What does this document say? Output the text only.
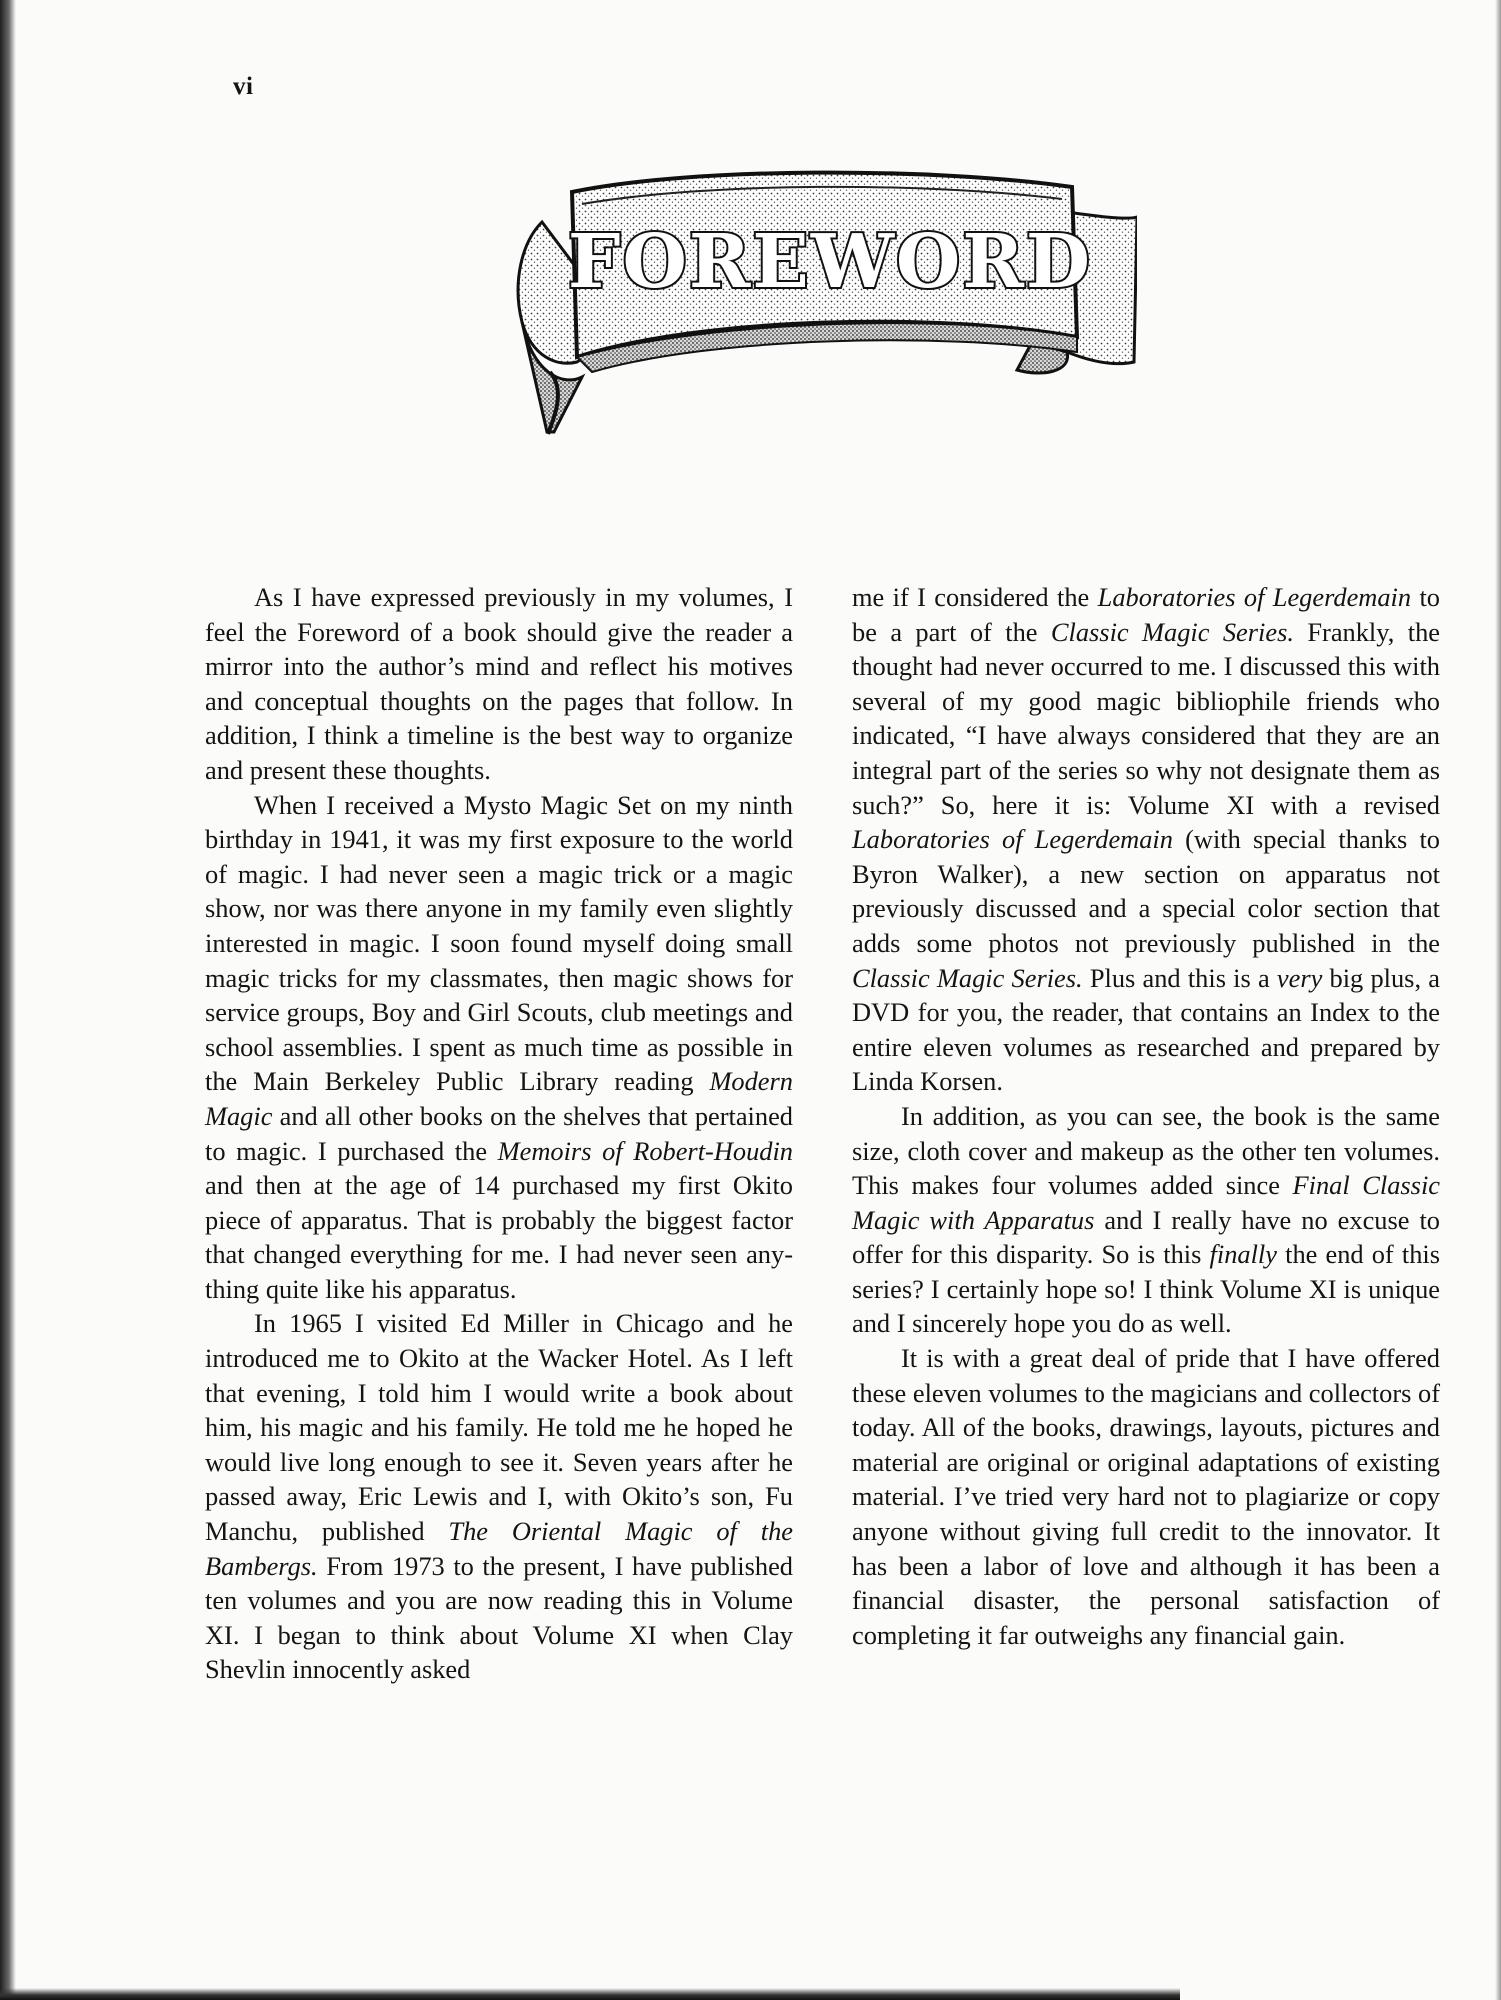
vi
FOREWORD

As I have expressed previously in my volumes, I feel the Foreword of a book should give the reader a mirror into the author’s mind and reflect his motives and conceptual thoughts on the pages that follow. In addition, I think a timeline is the best way to organize and present these thoughts.

When I received a Mysto Magic Set on my ninth birthday in 1941, it was my first exposure to the world of magic. I had never seen a magic trick or a magic show, nor was there anyone in my family even slightly interested in magic. I soon found myself doing small magic tricks for my classmates, then magic shows for service groups, Boy and Girl Scouts, club meetings and school assemblies. I spent as much time as possible in the Main Berkeley Public Library reading Modern Magic and all other books on the shelves that pertained to magic. I purchased the Memoirs of Robert-Houdin and then at the age of 14 purchased my first Okito piece of apparatus. That is probably the biggest factor that changed everything for me. I had never seen anything quite like his apparatus.

In 1965 I visited Ed Miller in Chicago and he introduced me to Okito at the Wacker Hotel. As I left that evening, I told him I would write a book about him, his magic and his family. He told me he hoped he would live long enough to see it. Seven years after he passed away, Eric Lewis and I, with Okito’s son, Fu Manchu, published The Oriental Magic of the Bambergs. From 1973 to the present, I have published ten volumes and you are now reading this in Volume XI. I began to think about Volume XI when Clay Shevlin innocently asked

me if I considered the Laboratories of Legerdemain to be a part of the Classic Magic Series. Frankly, the thought had never occurred to me. I discussed this with several of my good magic bibliophile friends who indicated, “I have always considered that they are an integral part of the series so why not designate them as such?” So, here it is: Volume XI with a revised Laboratories of Legerdemain (with special thanks to Byron Walker), a new section on apparatus not previously discussed and a special color section that adds some photos not previously published in the Classic Magic Series. Plus and this is a very big plus, a DVD for you, the reader, that contains an Index to the entire eleven volumes as researched and prepared by Linda Korsen.

In addition, as you can see, the book is the same size, cloth cover and makeup as the other ten volumes. This makes four volumes added since Final Classic Magic with Apparatus and I really have no excuse to offer for this disparity. So is this finally the end of this series? I certainly hope so! I think Volume XI is unique and I sincerely hope you do as well.

It is with a great deal of pride that I have offered these eleven volumes to the magicians and collectors of today. All of the books, drawings, layouts, pictures and material are original or original adaptations of existing material. I’ve tried very hard not to plagiarize or copy anyone without giving full credit to the innovator. It has been a labor of love and although it has been a financial disaster, the personal satisfaction of completing it far outweighs any financial gain.
